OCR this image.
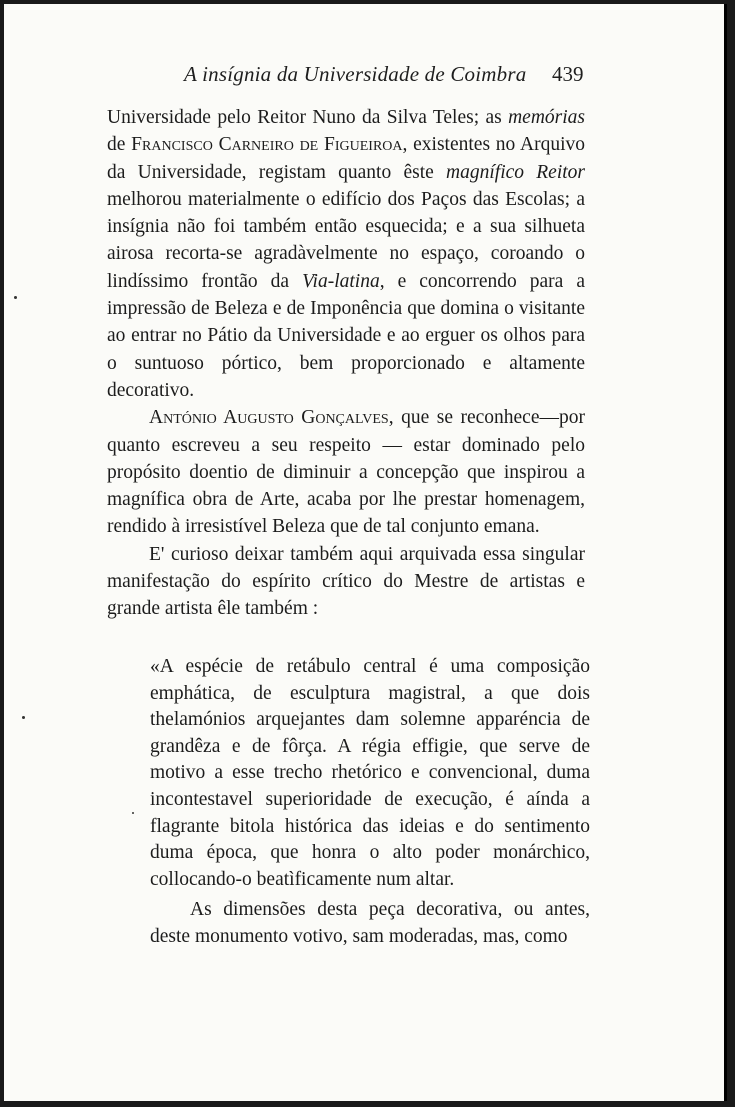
A insígnia da Universidade de Coimbra 439

Universidade pelo Reitor Nuno da Silva Teles; as memórias de Francisco Carneiro de Figueiroa, existentes no Arquivo da Universidade, registam quanto êste magnífico Reitor melhorou materialmente o edifício dos Paços das Escolas; a insígnia não foi também então esquecida; e a sua silhueta airosa recorta-se agradàvelmente no espaço, coroando o lindíssimo frontão da Via-latina, e concorrendo para a impressão de Beleza e de Imponência que domina o visitante ao entrar no Pátio da Universidade e ao erguer os olhos para o suntuoso pórtico, bem proporcionado e altamente decorativo.

António Augusto Gonçalves, que se reconhece—por quanto escreveu a seu respeito — estar dominado pelo propósito doentio de diminuir a concepção que inspirou a magnífica obra de Arte, acaba por lhe prestar homenagem, rendido à irresistível Beleza que de tal conjunto emana.

E' curioso deixar também aqui arquivada essa singular manifestação do espírito crítico do Mestre de artistas e grande artista êle também :

«A espécie de retábulo central é uma composição emphática, de esculptura magistral, a que dois thelamónios arquejantes dam solemne apparéncia de grandêza e de fôrça. A régia effigie, que serve de motivo a esse trecho rhetórico e convencional, duma incontestavel superioridade de execução, é aínda a flagrante bitola histórica das ideias e do sentimento duma época, que honra o alto poder monárchico, collocando-o beatìficamente num altar.

As dimensões desta peça decorativa, ou antes, deste monumento votivo, sam moderadas, mas, como
